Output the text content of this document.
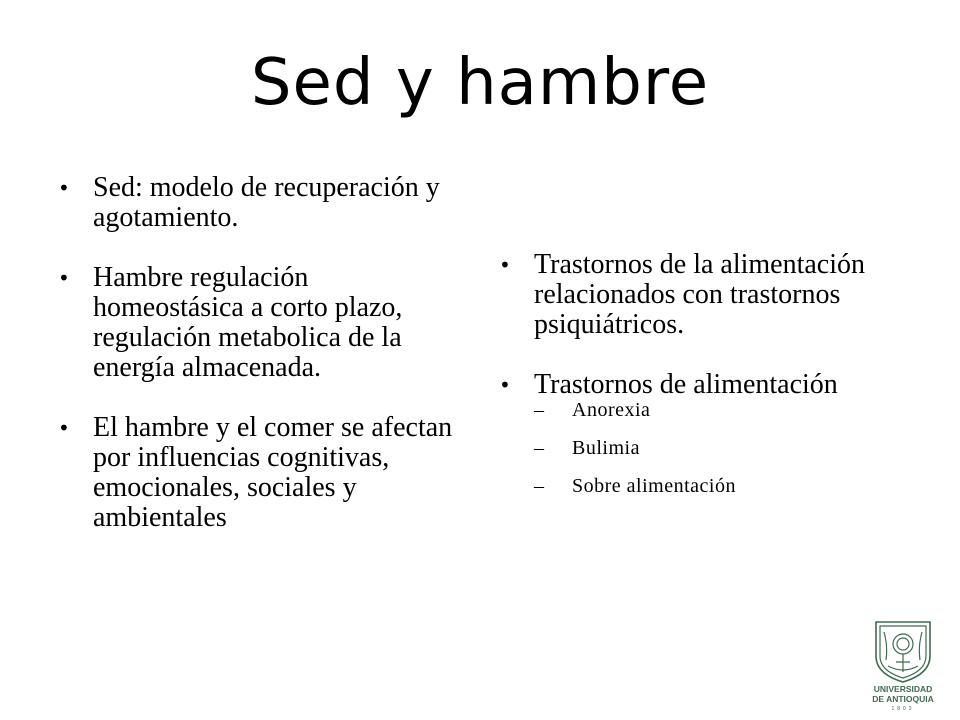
Sed y hambre
• Sed: modelo de recuperación y agotamiento.
• Hambre regulación homeostásica a corto plazo, regulación metabolica de la energía almacenada.
• El hambre y el comer se afectan por influencias cognitivas, emocionales, sociales y ambientales
• Trastornos de la alimentación relacionados con trastornos psiquiátricos.
• Trastornos de alimentación
– Anorexia
– Bulimia
– Sobre alimentación
UNIVERSIDAD
DE ANTIOQUIA
1803
